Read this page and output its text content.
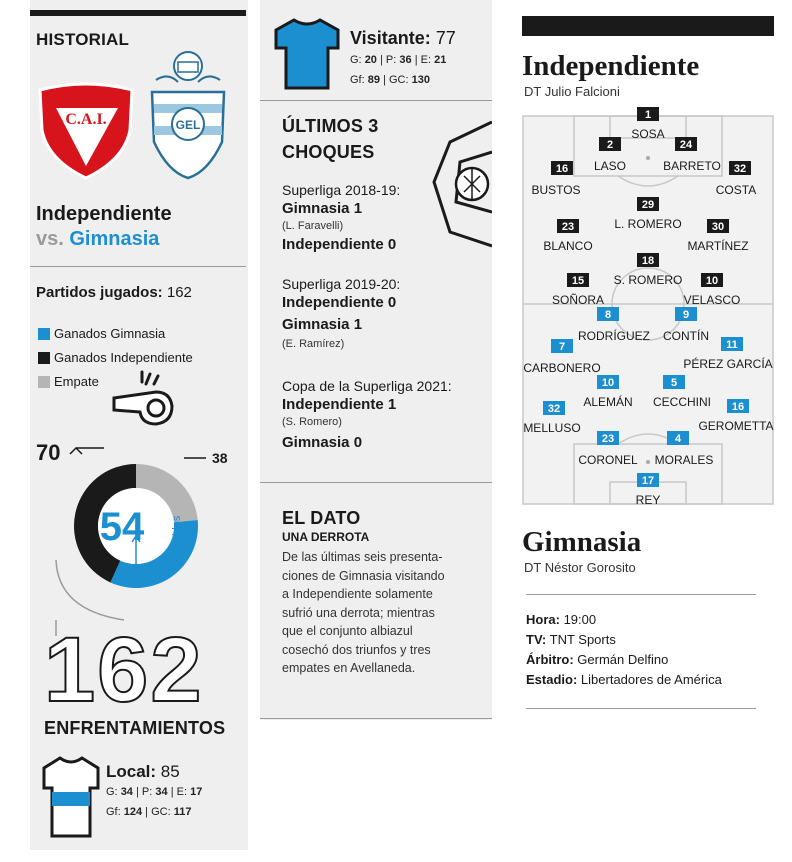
HISTORIAL
C.A.I.	GEL
Independiente
vs. Gimnasia
Partidos jugados: 162
Ganados Gimnasia
Ganados Independiente
Empate
70	38
54 Partidos
162
ENFRENTAMIENTOS
Local: 85
G: 34 | P: 34 | E: 17
Gf: 124 | GC: 117
Visitante: 77
G: 20 | P: 36 | E: 21
Gf: 89 | GC: 130
ÚLTIMOS 3
CHOQUES
Superliga 2018-19:
Gimnasia 1
(L. Faravelli)
Independiente 0
Superliga 2019-20:
Independiente 0
Gimnasia 1
(E. Ramírez)
Copa de la Superliga 2021:
Independiente 1
(S. Romero)
Gimnasia 0
EL DATO
UNA DERROTA
De las últimas seis presenta-
ciones de Gimnasia visitando
a Independiente solamente
sufrió una derrota; mientras
que el conjunto albiazul
cosechó dos triunfos y tres
empates en Avellaneda.
Independiente
DT Julio Falcioni
1
SOSA
2
LASO
24
BARRETO
16
BUSTOS
32
COSTA
29
L. ROMERO
23
BLANCO
30
MARTÍNEZ
18
S. ROMERO
15
SOÑORA
10
VELASCO
8
RODRÍGUEZ
9
CONTÍN
7
CARBONERO
11
PÉREZ GARCÍA
10
ALEMÁN
5
CECCHINI
32
MELLUSO
16
GEROMETTA
23
CORONEL
4
MORALES
17
REY
Gimnasia
DT Néstor Gorosito
Hora: 19:00
TV: TNT Sports
Árbitro: Germán Delfino
Estadio: Libertadores de América
